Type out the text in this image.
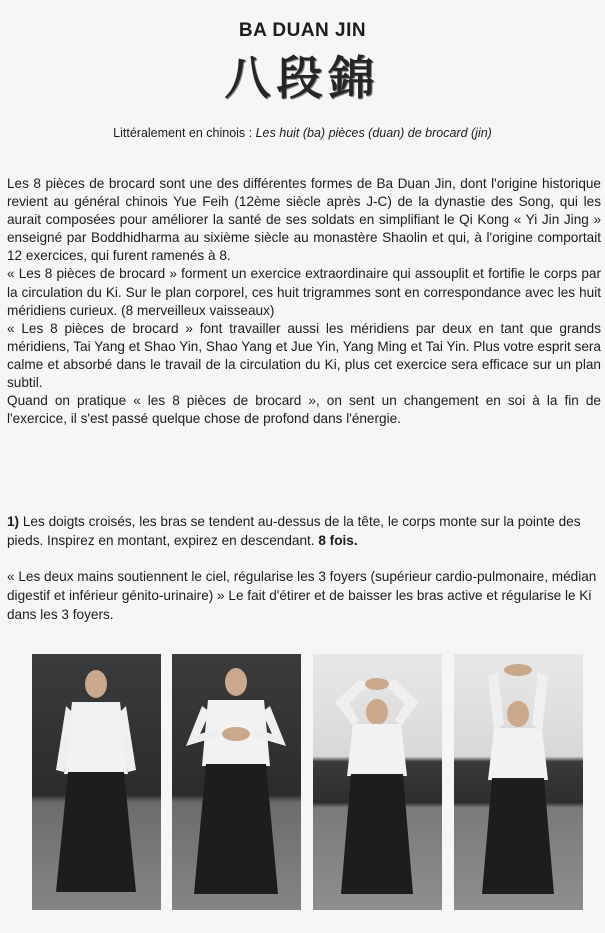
BA DUAN JIN
八段錦
Littéralement en chinois : Les huit (ba) pièces (duan) de brocard (jin)

Les 8 pièces de brocard sont une des différentes formes de Ba Duan Jin, dont l'origine historique revient au général chinois Yue Feih (12ème siècle après J-C) de la dynastie des Song, qui les aurait composées pour améliorer la santé de ses soldats en simplifiant le Qi Kong « Yi Jin Jing » enseigné par Boddhidharma au sixième siècle au monastère Shaolin et qui, à l'origine comportait 12 exercices, qui furent ramenés à 8.

« Les 8 pièces de brocard » forment un exercice extraordinaire qui assouplit et fortifie le corps par la circulation du Ki. Sur le plan corporel, ces huit trigrammes sont en correspondance avec les huit méridiens curieux. (8 merveilleux vaisseaux)

« Les 8 pièces de brocard » font travailler aussi les méridiens par deux en tant que grands méridiens, Tai Yang et Shao Yin, Shao Yang et Jue Yin, Yang Ming et Tai Yin. Plus votre esprit sera calme et absorbé dans le travail de la circulation du Ki, plus cet exercice sera efficace sur un plan subtil.

Quand on pratique « les 8 pièces de brocard », on sent un changement en soi à la fin de l'exercice, il s'est passé quelque chose de profond dans l'énergie.

1) Les doigts croisés, les bras se tendent au-dessus de la tête, le corps monte sur la pointe des pieds. Inspirez en montant, expirez en descendant. 8 fois.

« Les deux mains soutiennent le ciel, régularise les 3 foyers (supérieur cardio-pulmonaire, médian digestif et inférieur génito-urinaire) » Le fait d'étirer et de baisser les bras active et régularise le Ki dans les 3 foyers.
